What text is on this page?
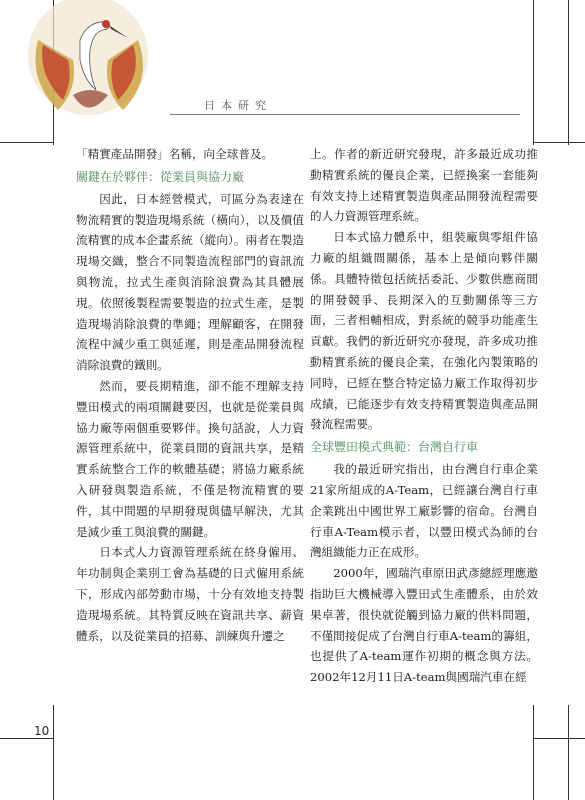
日本研究

「精實產品開發」名稱，向全球普及。

關鍵在於夥伴：從業員與協力廠

因此，日本經營模式，可區分為表達在物流精實的製造現場系統（橫向），以及價值流精實的成本企畫系統（縱向）。兩者在製造現場交織，整合不同製造流程部門的資訊流與物流，拉式生產與消除浪費為其具體展現。依照後製程需要製造的拉式生產，是製造現場消除浪費的準繩；理解顧客，在開發流程中減少重工與延遲，則是產品開發流程消除浪費的鐵則。

然而，要長期精進，卻不能不理解支持豐田模式的兩項關鍵要因，也就是從業員與協力廠等兩個重要夥伴。換句話說，人力資源管理系統中，從業員間的資訊共享，是精實系統整合工作的軟體基礎；將協力廠系統入研發與製造系統，不僅是物流精實的要件，其中問題的早期發現與儘早解決，尤其是減少重工與浪費的關鍵。

日本式人力資源管理系統在終身僱用、年功制與企業別工會為基礎的日式僱用系統下，形成內部勞動市場，十分有效地支持製造現場系統。其特質反映在資訊共享、薪資體系，以及從業員的招募、訓練與升遷之

上。作者的新近研究發現，許多最近成功推動精實系統的優良企業，已經換案一套能夠有效支持上述精實製造與產品開發流程需要的人力資源管理系統。

日本式協力體系中，組裝廠與零組件協力廠的組織間關係，基本上是傾向夥伴關係。具體特徵包括統括委託、少數供應商間的開發競爭、長期深入的互動關係等三方面，三者相輔相成，對系統的競爭功能產生貢獻。我們的新近研究亦發現，許多成功推動精實系統的優良企業，在強化內製策略的同時，已經在整合特定協力廠工作取得初步成績，已能逐步有效支持精實製造與產品開發流程需要。

全球豐田模式典範：台灣自行車

我的最近研究指出，由台灣自行車企業21家所組成的A-Team，已經讓台灣自行車企業跳出中國世界工廠影響的宿命。台灣自行車A-Team模示者，以豐田模式為師的台灣組織能力正在成形。

2000年，國瑞汽車原田武彥總經理應邀指助巨大機械導入豐田式生產體系，由於效果卓著，很快就從觸到協力廠的供料問題，不僅間接促成了台灣自行車A-team的籌組，也提供了A-team運作初期的概念與方法。2002年12月11日A-team與國瑞汽車在經

10
